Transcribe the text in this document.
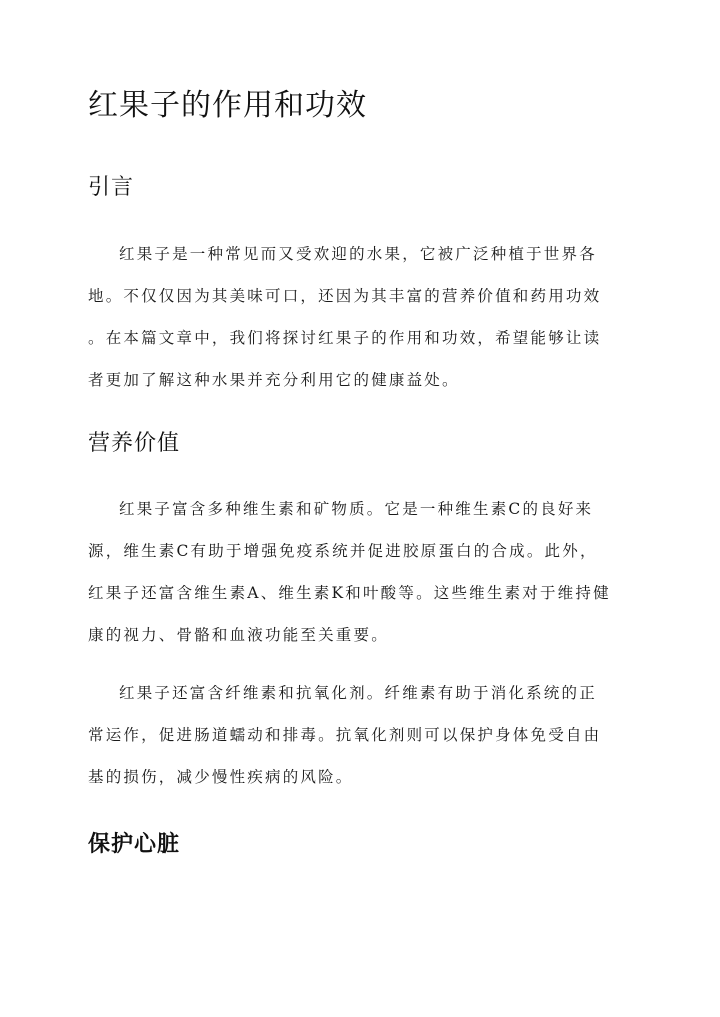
红果子的作用和功效
引言

红果子是一种常见而又受欢迎的水果，它被广泛种植于世界各
地。不仅仅因为其美味可口，还因为其丰富的营养价值和药用功效
。在本篇文章中，我们将探讨红果子的作用和功效，希望能够让读
者更加了解这种水果并充分利用它的健康益处。

营养价值

红果子富含多种维生素和矿物质。它是一种维生素C的良好来
源，维生素C有助于增强免疫系统并促进胶原蛋白的合成。此外，
红果子还富含维生素A、维生素K和叶酸等。这些维生素对于维持健
康的视力、骨骼和血液功能至关重要。

红果子还富含纤维素和抗氧化剂。纤维素有助于消化系统的正
常运作，促进肠道蠕动和排毒。抗氧化剂则可以保护身体免受自由
基的损伤，减少慢性疾病的风险。

保护心脏
